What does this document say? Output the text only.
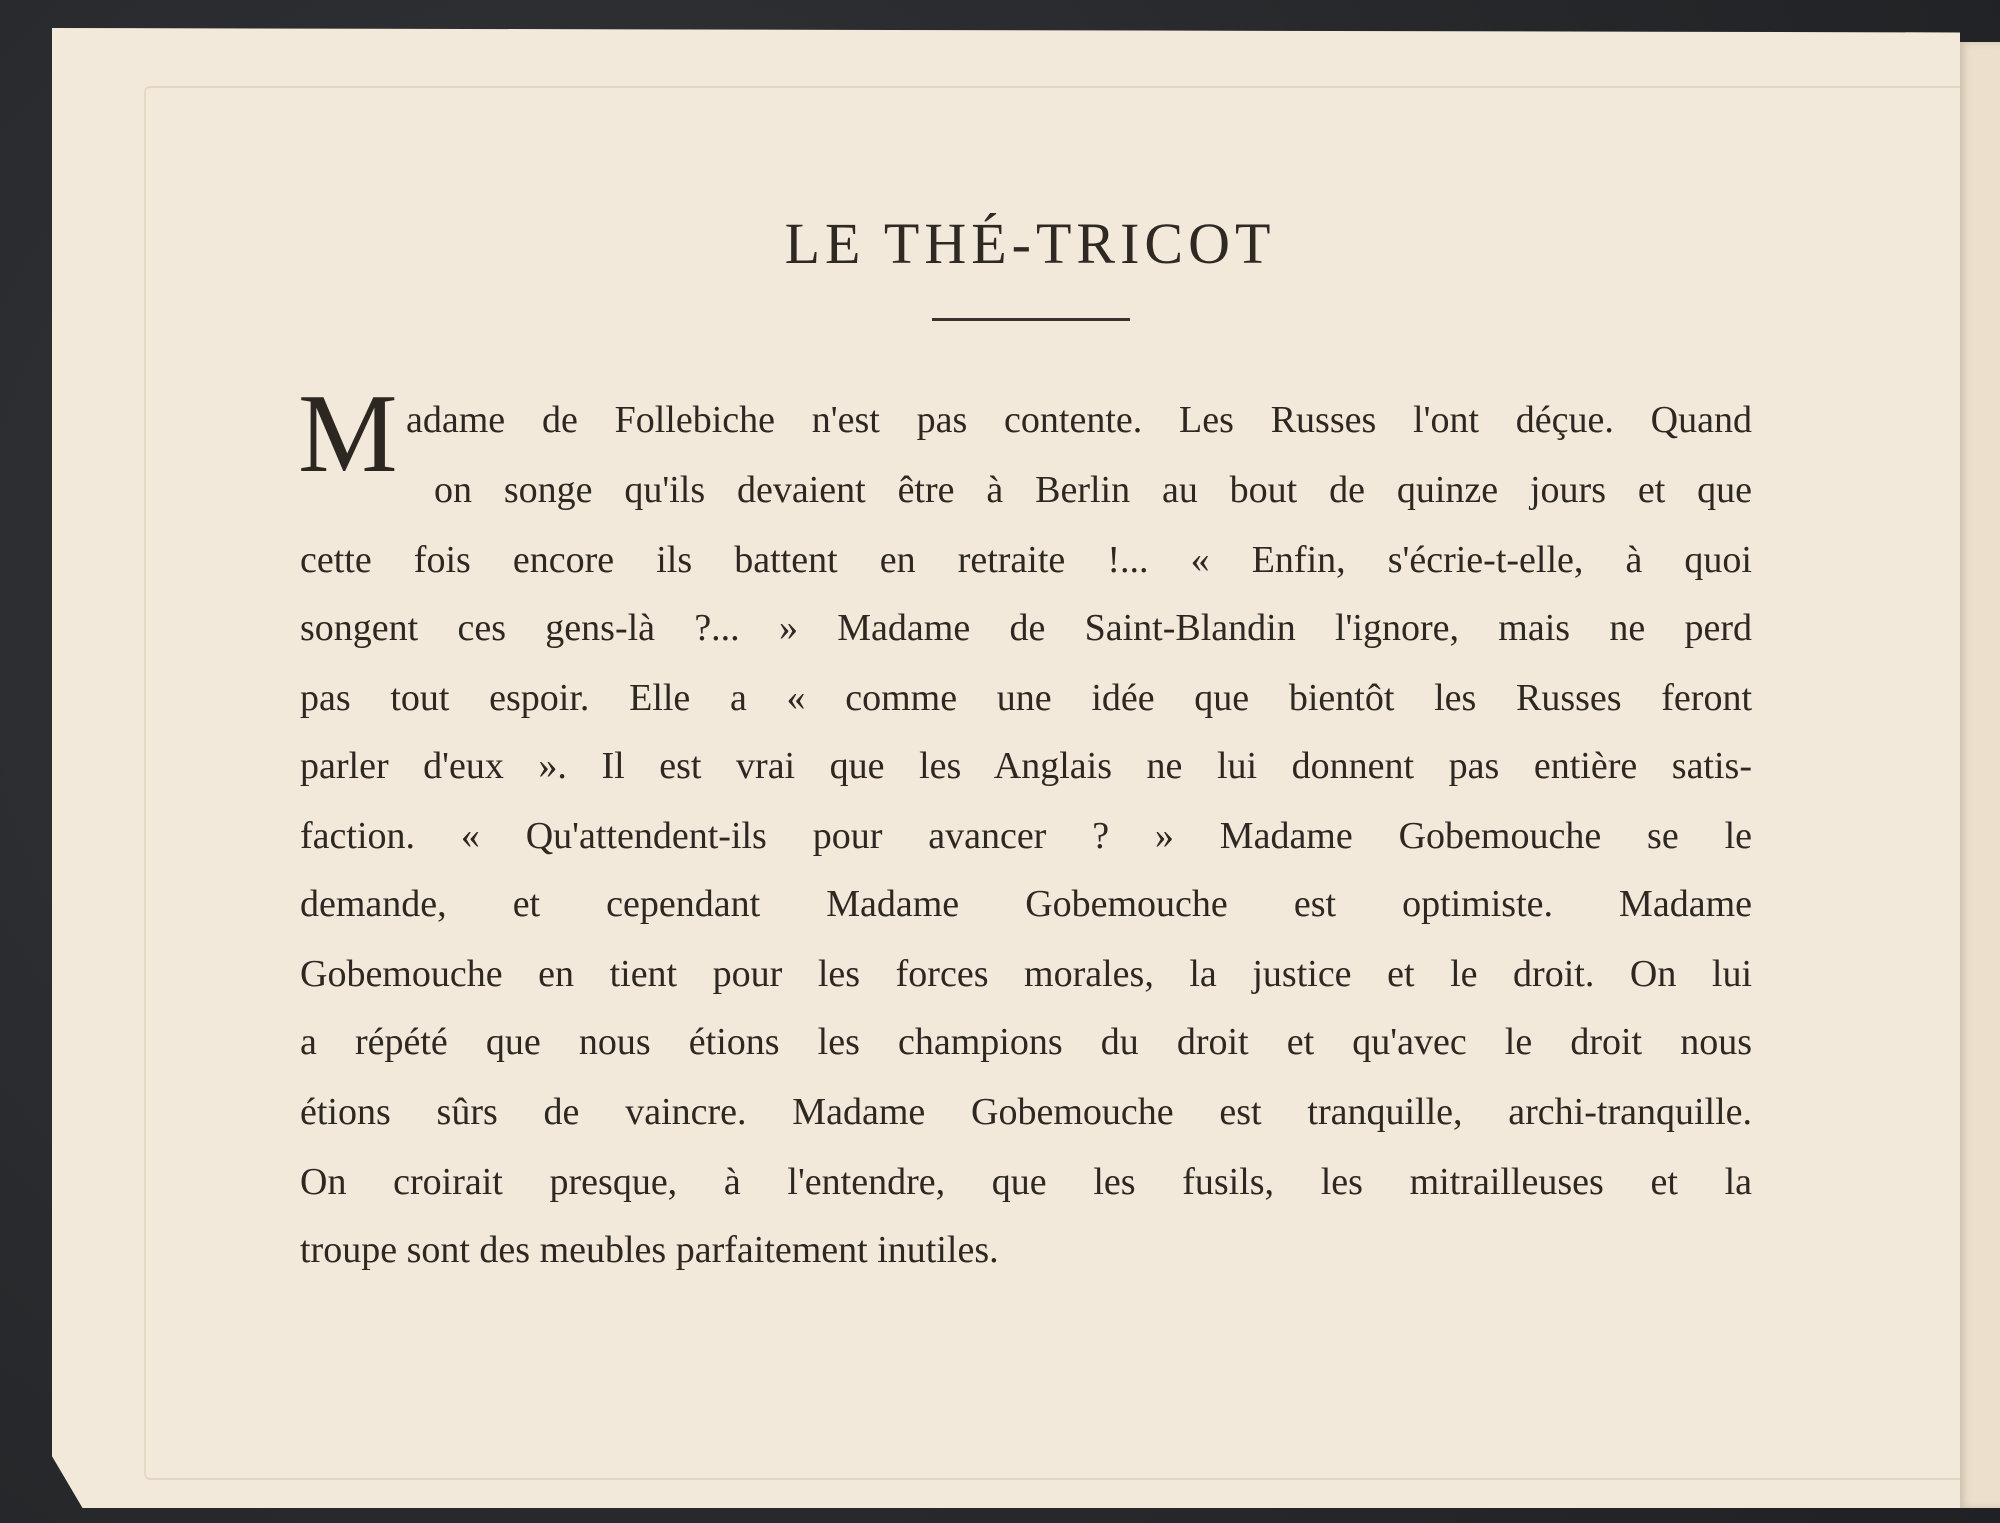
LE THÉ-TRICOT
M adame de Follebiche n'est pas contente. Les Russes l'ont déçue. Quand
on songe qu'ils devaient être à Berlin au bout de quinze jours et que
cette fois encore ils battent en retraite !... « Enfin, s'écrie-t-elle, à quoi
songent ces gens-là ?... » Madame de Saint-Blandin l'ignore, mais ne perd
pas tout espoir. Elle a « comme une idée que bientôt les Russes feront
parler d'eux ». Il est vrai que les Anglais ne lui donnent pas entière satis-
faction. « Qu'attendent-ils pour avancer ? » Madame Gobemouche se le
demande, et cependant Madame Gobemouche est optimiste. Madame
Gobemouche en tient pour les forces morales, la justice et le droit. On lui
a répété que nous étions les champions du droit et qu'avec le droit nous
étions sûrs de vaincre. Madame Gobemouche est tranquille, archi-tranquille.
On croirait presque, à l'entendre, que les fusils, les mitrailleuses et la
troupe sont des meubles parfaitement inutiles.
